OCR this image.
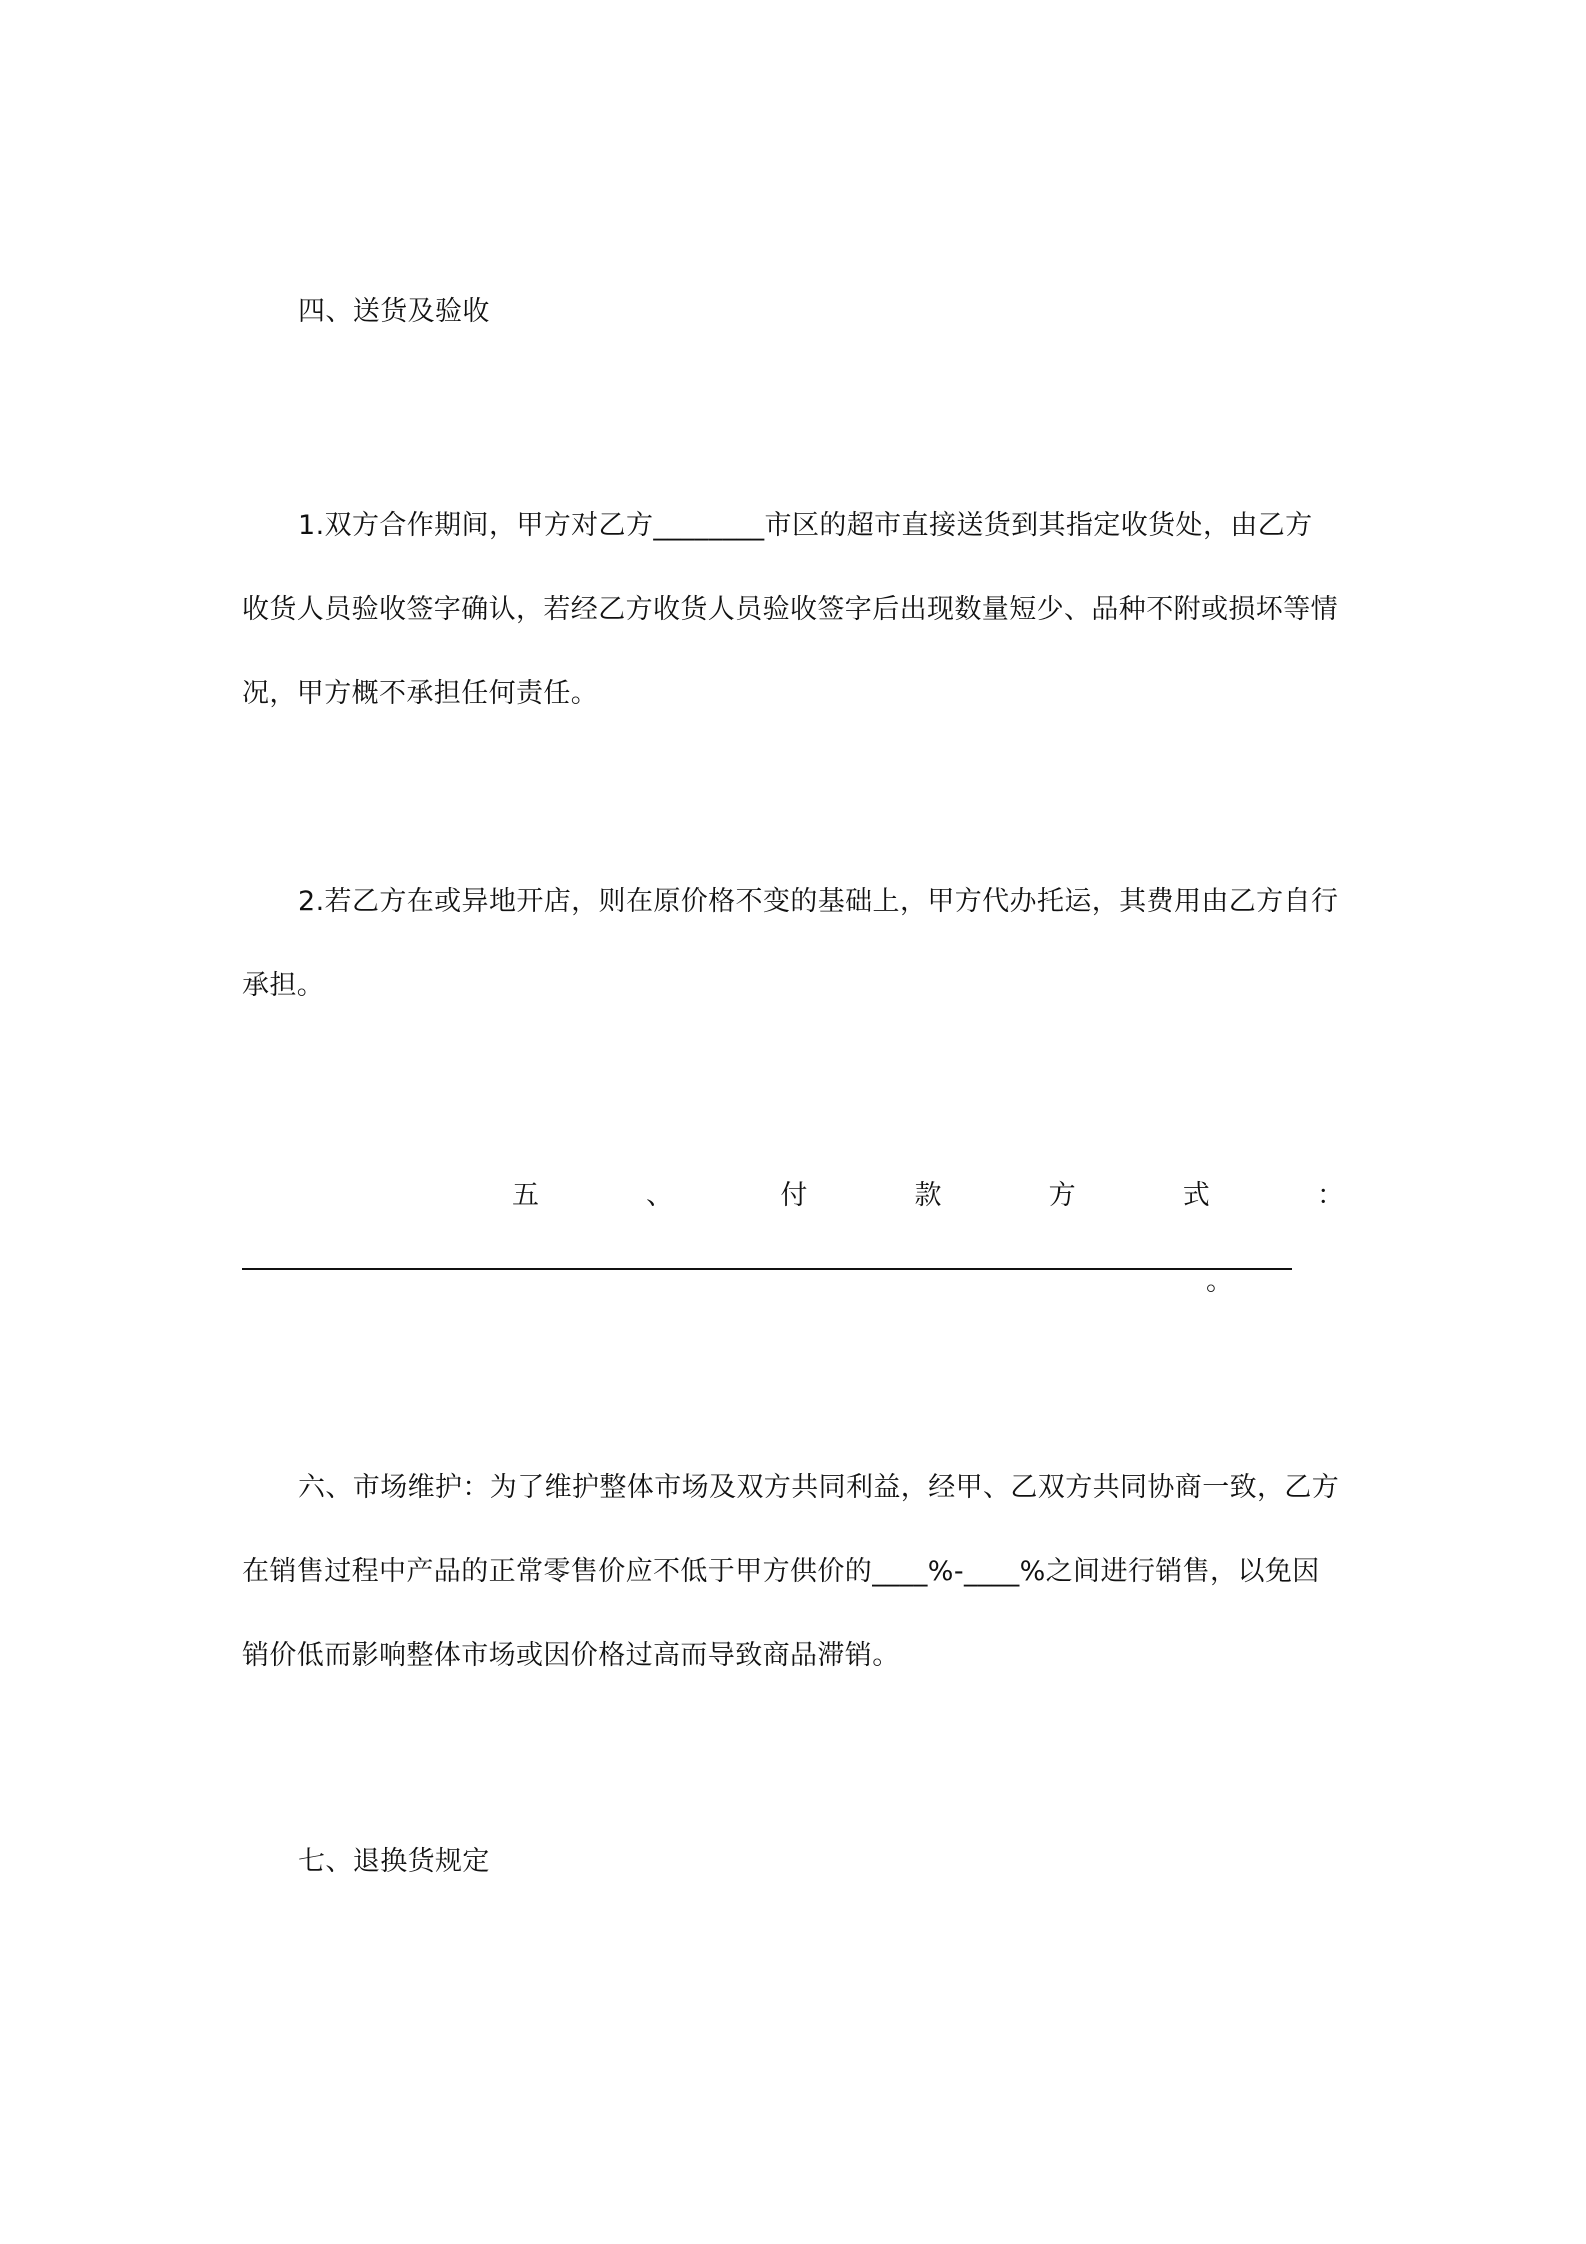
四、送货及验收
1.双方合作期间，甲方对乙方________市区的超市直接送货到其指定收货处，由乙方
收货人员验收签字确认，若经乙方收货人员验收签字后出现数量短少、品种不附或损坏等情
况，甲方概不承担任何责任。
2.若乙方在或异地开店，则在原价格不变的基础上，甲方代办托运，其费用由乙方自行
承担。
五	、	付	款	方	式	：
。
六、市场维护：为了维护整体市场及双方共同利益，经甲、乙双方共同协商一致，乙方
在销售过程中产品的正常零售价应不低于甲方供价的____%-____%之间进行销售，以免因
销价低而影响整体市场或因价格过高而导致商品滞销。
七、退换货规定
